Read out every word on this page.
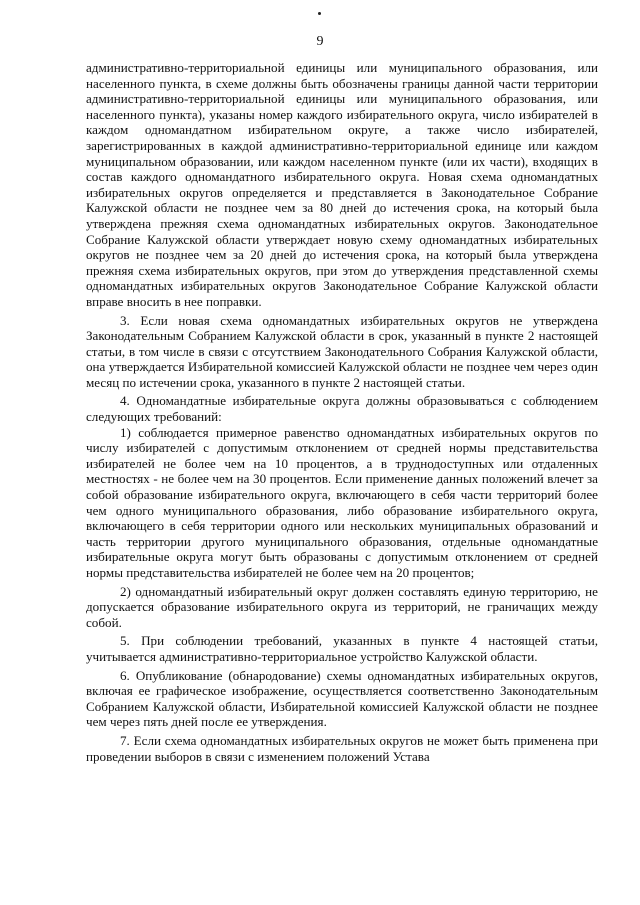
9

административно-территориальной единицы или муниципального образования, или населенного пункта, в схеме должны быть обозначены границы данной части территории административно-территориальной единицы или муниципального образования, или населенного пункта), указаны номер каждого избирательного округа, число избирателей в каждом одномандатном избирательном округе, а также число избирателей, зарегистрированных в каждой административно-территориальной единице или каждом муниципальном образовании, или каждом населенном пункте (или их части), входящих в состав каждого одномандатного избирательного округа. Новая схема одномандатных избирательных округов определяется и представляется в Законодательное Собрание Калужской области не позднее чем за 80 дней до истечения срока, на который была утверждена прежняя схема одномандатных избирательных округов. Законодательное Собрание Калужской области утверждает новую схему одномандатных избирательных округов не позднее чем за 20 дней до истечения срока, на который была утверждена прежняя схема избирательных округов, при этом до утверждения представленной схемы одномандатных избирательных округов Законодательное Собрание Калужской области вправе вносить в нее поправки.

3. Если новая схема одномандатных избирательных округов не утверждена Законодательным Собранием Калужской области в срок, указанный в пункте 2 настоящей статьи, в том числе в связи с отсутствием Законодательного Собрания Калужской области, она утверждается Избирательной комиссией Калужской области не позднее чем через один месяц по истечении срока, указанного в пункте 2 настоящей статьи.

4. Одномандатные избирательные округа должны образовываться с соблюдением следующих требований:

1) соблюдается примерное равенство одномандатных избирательных округов по числу избирателей с допустимым отклонением от средней нормы представительства избирателей не более чем на 10 процентов, а в труднодоступных или отдаленных местностях - не более чем на 30 процентов. Если применение данных положений влечет за собой образование избирательного округа, включающего в себя части территорий более чем одного муниципального образования, либо образование избирательного округа, включающего в себя территории одного или нескольких муниципальных образований и часть территории другого муниципального образования, отдельные одномандатные избирательные округа могут быть образованы с допустимым отклонением от средней нормы представительства избирателей не более чем на 20 процентов;

2) одномандатный избирательный округ должен составлять единую территорию, не допускается образование избирательного округа из территорий, не граничащих между собой.

5. При соблюдении требований, указанных в пункте 4 настоящей статьи, учитывается административно-территориальное устройство Калужской области.

6. Опубликование (обнародование) схемы одномандатных избирательных округов, включая ее графическое изображение, осуществляется соответственно Законодательным Собранием Калужской области, Избирательной комиссией Калужской области не позднее чем через пять дней после ее утверждения.

7. Если схема одномандатных избирательных округов не может быть применена при проведении выборов в связи с изменением положений Устава
